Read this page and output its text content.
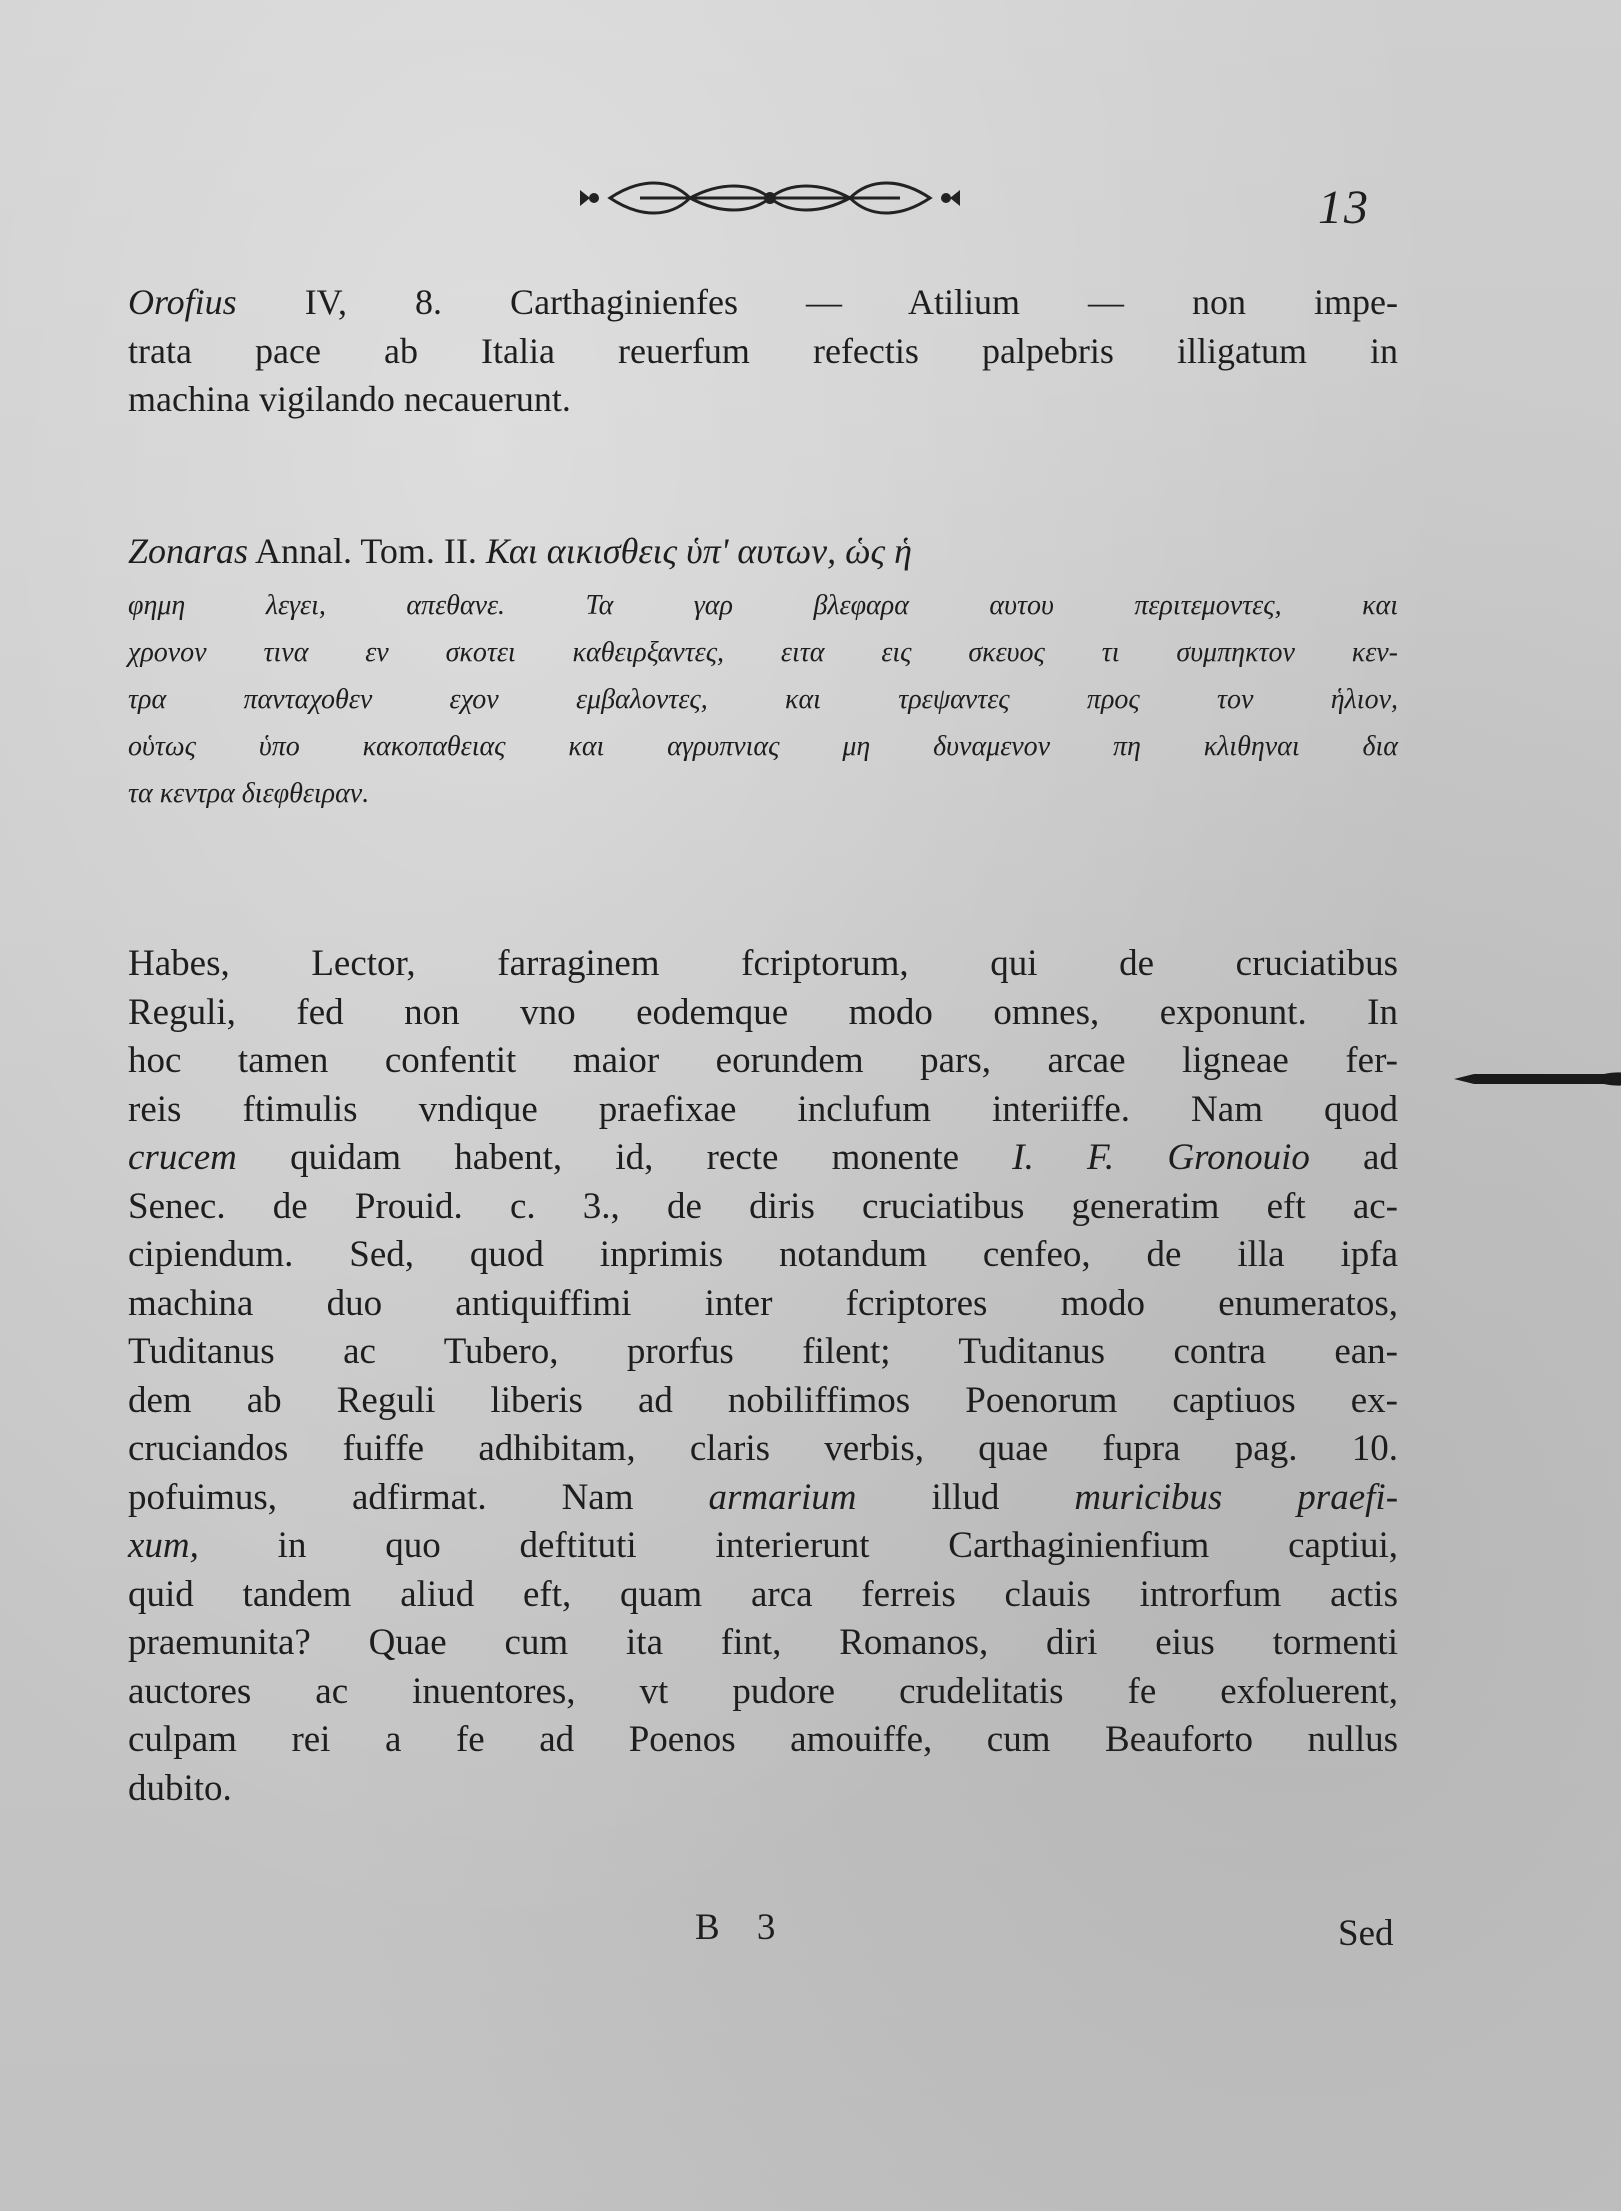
13
Orofius IV, 8. Carthaginienfes — Atilium — non impe-
trata pace ab Italia reuerfum refectis palpebris illigatum in
machina vigilando necauerunt.
Zonaras Annal. Tom. II. Και αικισθεις ὑπ' αυτων, ὡς ἡ
φημη λεγει, απεθανε. Τα γαρ βλεφαρα αυτου περιτεμοντες, και
χρονον τινα εν σκοτει καθειρξαντες, ειτα εις σκευος τι συμπηκτον κεν-
τρα πανταχοθεν εχον εμβαλοντες, και τρεψαντες προς τον ἡλιον,
οὑτως ὑπο κακοπαθειας και αγρυπνιας μη δυναμενον πη κλιθηναι δια
τα κεντρα διεφθειραν.
Habes, Lector, farraginem fcriptorum, qui de cruciatibus
Reguli, fed non vno eodemque modo omnes, exponunt. In
hoc tamen confentit maior eorundem pars, arcae ligneae fer-
reis ftimulis vndique praefixae inclufum interiiffe. Nam quod
crucem quidam habent, id, recte monente I. F. Gronouio ad
Senec. de Prouid. c. 3., de diris cruciatibus generatim eft ac-
cipiendum. Sed, quod inprimis notandum cenfeo, de illa ipfa
machina duo antiquiffimi inter fcriptores modo enumeratos,
Tuditanus ac Tubero, prorfus filent; Tuditanus contra ean-
dem ab Reguli liberis ad nobiliffimos Poenorum captiuos ex-
cruciandos fuiffe adhibitam, claris verbis, quae fupra pag. 10.
pofuimus, adfirmat. Nam armarium illud muricibus praefi-
xum, in quo deftituti interierunt Carthaginienfium captiui,
quid tandem aliud eft, quam arca ferreis clauis introrfum actis
praemunita? Quae cum ita fint, Romanos, diri eius tormenti
auctores ac inuentores, vt pudore crudelitatis fe exfoluerent,
culpam rei a fe ad Poenos amouiffe, cum Beauforto nullus
dubito.
B 3	Sed
